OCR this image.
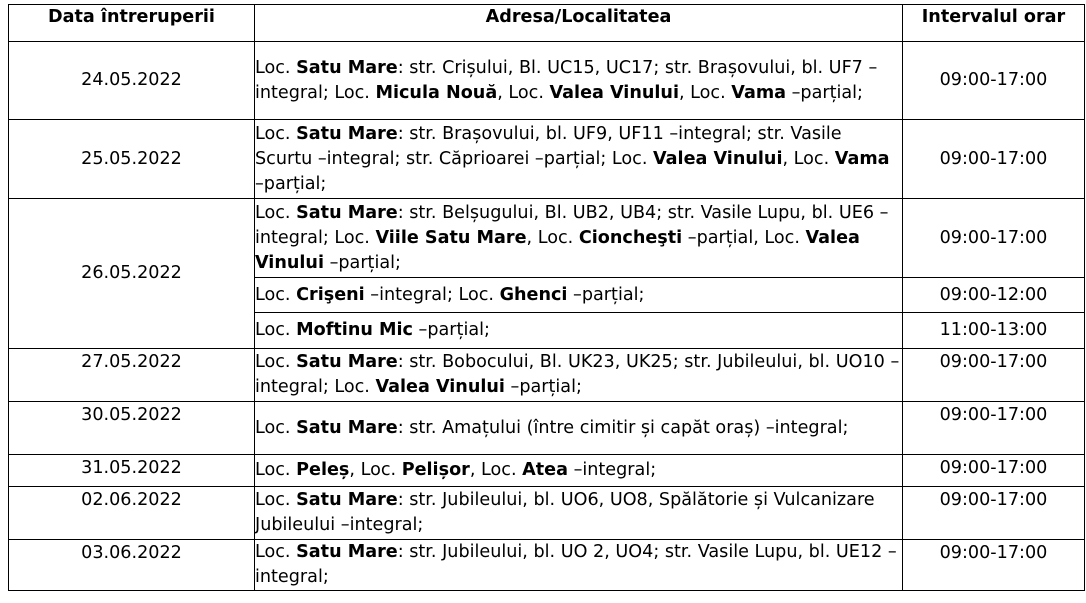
Data întreruperii	Adresa/Localitatea	Intervalul orar
24.05.2022	Loc. Satu Mare: str. Crișului, Bl. UC15, UC17; str. Brașovului, bl. UF7 –integral; Loc. Micula Nouă, Loc. Valea Vinului, Loc. Vama –parțial;	09:00-17:00
25.05.2022	Loc. Satu Mare: str. Brașovului, bl. UF9, UF11 –integral; str. Vasile Scurtu –integral; str. Căprioarei –parțial; Loc. Valea Vinului, Loc. Vama –parțial;	09:00-17:00
26.05.2022	Loc. Satu Mare: str. Belșugului, Bl. UB2, UB4; str. Vasile Lupu, bl. UE6 –integral; Loc. Viile Satu Mare, Loc. Cioncheşti –parțial, Loc. Valea Vinului –parțial;	09:00-17:00
	Loc. Crişeni –integral; Loc. Ghenci –parțial;	09:00-12:00
	Loc. Moftinu Mic –parțial;	11:00-13:00
27.05.2022	Loc. Satu Mare: str. Bobocului, Bl. UK23, UK25; str. Jubileului, bl. UO10 –integral; Loc. Valea Vinului –parțial;	09:00-17:00
30.05.2022	Loc. Satu Mare: str. Amațului (între cimitir și capăt oraș) –integral;	09:00-17:00
31.05.2022	Loc. Peleș, Loc. Pelișor, Loc. Atea –integral;	09:00-17:00
02.06.2022	Loc. Satu Mare: str. Jubileului, bl. UO6, UO8, Spălătorie și Vulcanizare Jubileului –integral;	09:00-17:00
03.06.2022	Loc. Satu Mare: str. Jubileului, bl. UO 2, UO4; str. Vasile Lupu, bl. UE12 –integral;	09:00-17:00
